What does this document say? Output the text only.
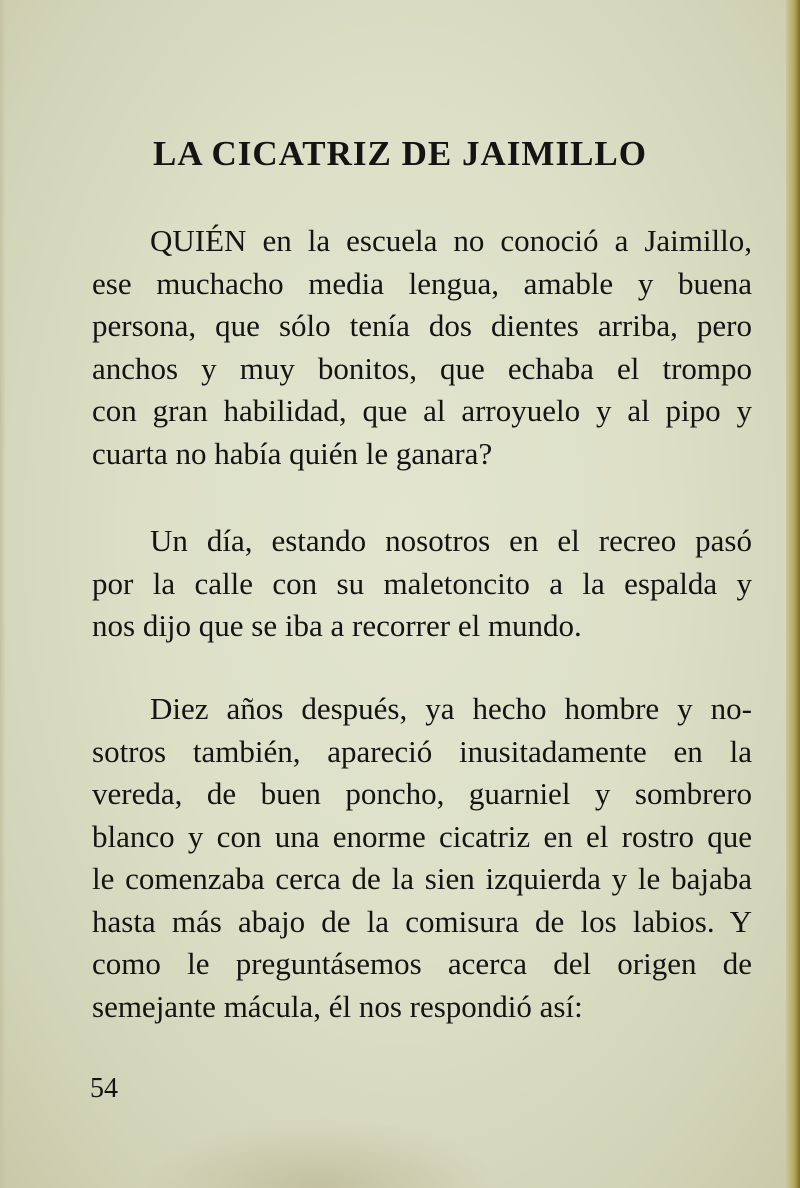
LA CICATRIZ DE JAIMILLO

QUIÉN en la escuela no conoció a Jaimillo,
ese muchacho media lengua, amable y buena
persona, que sólo tenía dos dientes arriba, pero
anchos y muy bonitos, que echaba el trompo
con gran habilidad, que al arroyuelo y al pipo y
cuarta no había quién le ganara?

Un día, estando nosotros en el recreo pasó
por la calle con su maletoncito a la espalda y
nos dijo que se iba a recorrer el mundo.

Diez años después, ya hecho hombre y no-
sotros también, apareció inusitadamente en la
vereda, de buen poncho, guarniel y sombrero
blanco y con una enorme cicatriz en el rostro que
le comenzaba cerca de la sien izquierda y le bajaba
hasta más abajo de la comisura de los labios. Y
como le preguntásemos acerca del origen de
semejante mácula, él nos respondió así:

54
